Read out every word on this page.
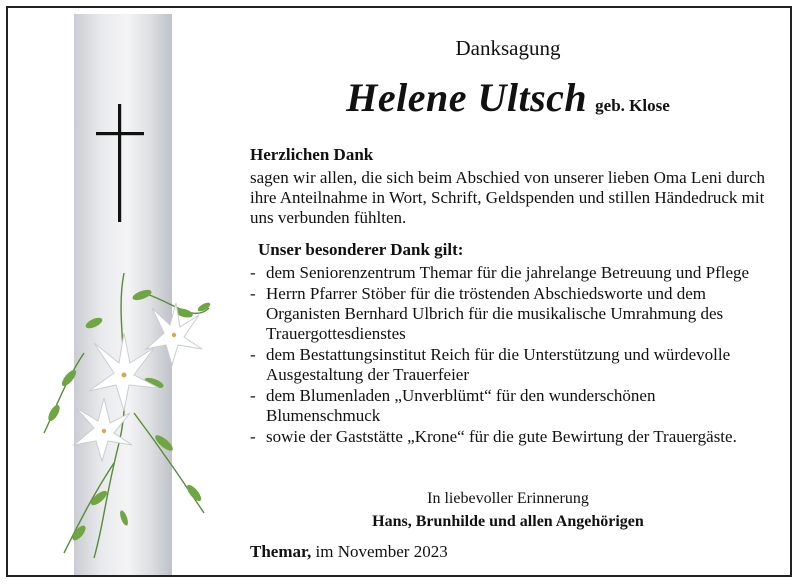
Danksagung
Helene Ultsch geb. Klose
Herzlichen Dank
sagen wir allen, die sich beim Abschied von unserer lieben Oma Leni durch ihre Anteilnahme in Wort, Schrift, Geldspenden und stillen Händedruck mit uns verbunden fühlten.
Unser besonderer Dank gilt:
- dem Seniorenzentrum Themar für die jahrelange Betreuung und Pflege
- Herrn Pfarrer Stöber für die tröstenden Abschiedsworte und dem Organisten Bernhard Ulbrich für die musikalische Umrahmung des Trauergottesdienstes
- dem Bestattungsinstitut Reich für die Unterstützung und würdevolle Ausgestaltung der Trauerfeier
- dem Blumenladen „Unverblümt“ für den wunderschönen Blumenschmuck
- sowie der Gaststätte „Krone“ für die gute Bewirtung der Trauergäste.
In liebevoller Erinnerung
Hans, Brunhilde und allen Angehörigen
Themar, im November 2023
